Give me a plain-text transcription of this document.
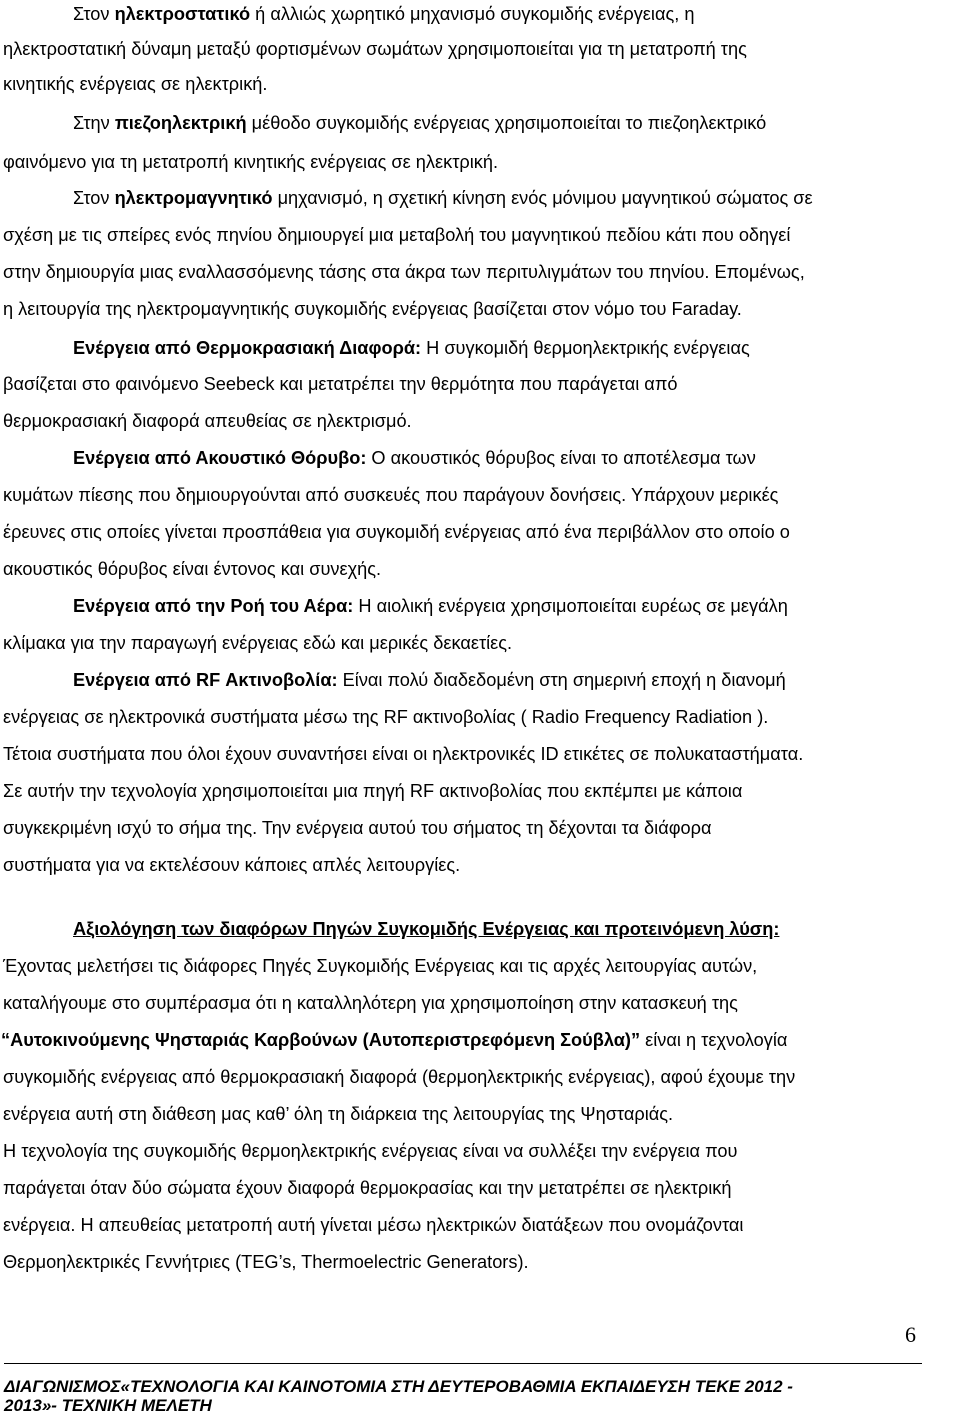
Στον ηλεκτροστατικό ή αλλιώς χωρητικό μηχανισμό συγκομιδής ενέργειας, η
ηλεκτροστατική δύναμη μεταξύ φορτισμένων σωμάτων χρησιμοποιείται για τη μετατροπή της
κινητικής ενέργειας σε ηλεκτρική.
Στην πιεζοηλεκτρική μέθοδο συγκομιδής ενέργειας χρησιμοποιείται το πιεζοηλεκτρικό
φαινόμενο για τη μετατροπή κινητικής ενέργειας σε ηλεκτρική.
Στον ηλεκτρομαγνητικό μηχανισμό, η σχετική κίνηση ενός μόνιμου μαγνητικού σώματος σε
σχέση με τις σπείρες ενός πηνίου δημιουργεί μια μεταβολή του μαγνητικού πεδίου κάτι που οδηγεί
στην δημιουργία μιας εναλλασσόμενης τάσης στα άκρα των περιτυλιγμάτων του πηνίου. Επομένως,
η λειτουργία της ηλεκτρομαγνητικής συγκομιδής ενέργειας βασίζεται στον νόμο του Faraday.
Ενέργεια από Θερμοκρασιακή Διαφορά: Η συγκομιδή θερμοηλεκτρικής ενέργειας
βασίζεται στο φαινόμενο Seebeck και μετατρέπει την θερμότητα που παράγεται από
θερμοκρασιακή διαφορά απευθείας σε ηλεκτρισμό.
Ενέργεια από Ακουστικό Θόρυβο: Ο ακουστικός θόρυβος είναι το αποτέλεσμα των
κυμάτων πίεσης που δημιουργούνται από συσκευές που παράγουν δονήσεις. Υπάρχουν μερικές
έρευνες στις οποίες γίνεται προσπάθεια για συγκομιδή ενέργειας από ένα περιβάλλον στο οποίο ο
ακουστικός θόρυβος είναι έντονος και συνεχής.
Ενέργεια από την Ροή του Αέρα: Η αιολική ενέργεια χρησιμοποιείται ευρέως σε μεγάλη
κλίμακα για την παραγωγή ενέργειας εδώ και μερικές δεκαετίες.
Ενέργεια από RF Ακτινοβολία: Είναι πολύ διαδεδομένη στη σημερινή εποχή η διανομή
ενέργειας σε ηλεκτρονικά συστήματα μέσω της RF ακτινοβολίας ( Radio Frequency Radiation ).
Τέτοια συστήματα που όλοι έχουν συναντήσει είναι οι ηλεκτρονικές ID ετικέτες σε πολυκαταστήματα.
Σε αυτήν την τεχνολογία χρησιμοποιείται μια πηγή RF ακτινοβολίας που εκπέμπει με κάποια
συγκεκριμένη ισχύ το σήμα της. Την ενέργεια αυτού του σήματος τη δέχονται τα διάφορα
συστήματα για να εκτελέσουν κάποιες απλές λειτουργίες.
Αξιολόγηση των διαφόρων Πηγών Συγκομιδής Ενέργειας και προτεινόμενη λύση:
Έχοντας μελετήσει τις διάφορες Πηγές Συγκομιδής Ενέργειας και τις αρχές λειτουργίας αυτών,
καταλήγουμε στο συμπέρασμα ότι η καταλληλότερη για χρησιμοποίηση στην κατασκευή της
“Αυτοκινούμενης Ψησταριάς Καρβούνων (Αυτοπεριστρεφόμενη Σούβλα)” είναι η τεχνολογία
συγκομιδής ενέργειας από θερμοκρασιακή διαφορά (θερμοηλεκτρικής ενέργειας), αφού έχουμε την
ενέργεια αυτή στη διάθεση μας καθ’ όλη τη διάρκεια της λειτουργίας της Ψησταριάς.
Η τεχνολογία της συγκομιδής θερμοηλεκτρικής ενέργειας είναι να συλλέξει την ενέργεια που
παράγεται όταν δύο σώματα έχουν διαφορά θερμοκρασίας και την μετατρέπει σε ηλεκτρική
ενέργεια. Η απευθείας μετατροπή αυτή γίνεται μέσω ηλεκτρικών διατάξεων που ονομάζονται
Θερμοηλεκτρικές Γεννήτριες (TEG’s, Thermoelectric Generators).
6
ΔΙΑΓΩΝΙΣΜΟΣ«ΤΕΧΝΟΛΟΓΙΑ ΚΑΙ ΚΑΙΝΟΤΟΜΙΑ ΣΤΗ ΔΕΥΤΕΡΟΒΑΘΜΙΑ ΕΚΠΑΙΔΕΥΣΗ ΤΕΚΕ 2012 -
2013»- ΤΕΧΝΙΚΗ ΜΕΛΕΤΗ
